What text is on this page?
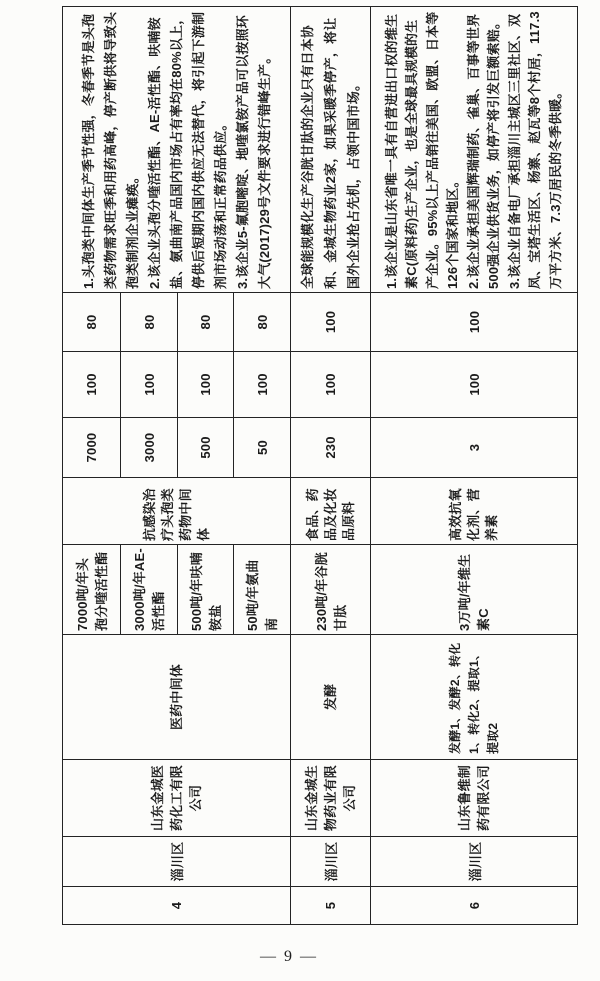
4	淄川区	山东金城医药化工有限公司	医药中间体	7000吨/年头孢分喹活性酯	抗感染治疗头孢类药物中间体	7000	100	80	1.头孢类中间体生产季节性强，冬春季节是头孢类药物需求旺季和用药高峰，停产断供将导致头孢类制剂企业瘫痪。 2.该企业头孢分喹活性酯、AE-活性酯、呋喃铵盐、氨曲南产品国内市场占有率均在80%以上，停供后短期内国内供应无法替代，将引起下游制剂市场动荡和正常药品供应。 3.该企业5-氟胞嘧啶、地喹氯铵产品可以按照环大气(2017)29号文件要求进行错峰生产。

				3000吨/年AE-活性酯		3000	100	80	
				500吨/年呋喃铵盐		500	100	80	
				50吨/年氨曲南		50	100	80	
5	淄川区	山东金城生物药业有限公司	发酵	230吨/年谷胱甘肽	食品、药品及化妆品原料	230	100	100	全球能规模化生产谷胱甘肽的企业只有日本协和、金城生物药业2家，如果采暖季停产，将让国外企业抢占先机，占领中国市场。

6	淄川区	山东鲁维制药有限公司	发酵1、发酵2、转化1、转化2、提取1、提取2	3万吨/年维生素C	高效抗氧化剂、营养素	3	100	100	1.该企业是山东省唯一具有自营进出口权的维生素C(原料药)生产企业，也是全球最具规模的生产企业。95%以上产品销往美国、欧盟、日本等126个国家和地区。 2.该企业承担美国辉瑞制药、雀巢、百事等世界500强企业供货业务，如停产将引发巨额索赔。 3.该企业自备电厂承担淄川主城区三里社区、双凤、宝塔生活区、杨寨、赵瓦等8个村居，117.3万平方米、7.3万居民的冬季供暖。
— 9 —
